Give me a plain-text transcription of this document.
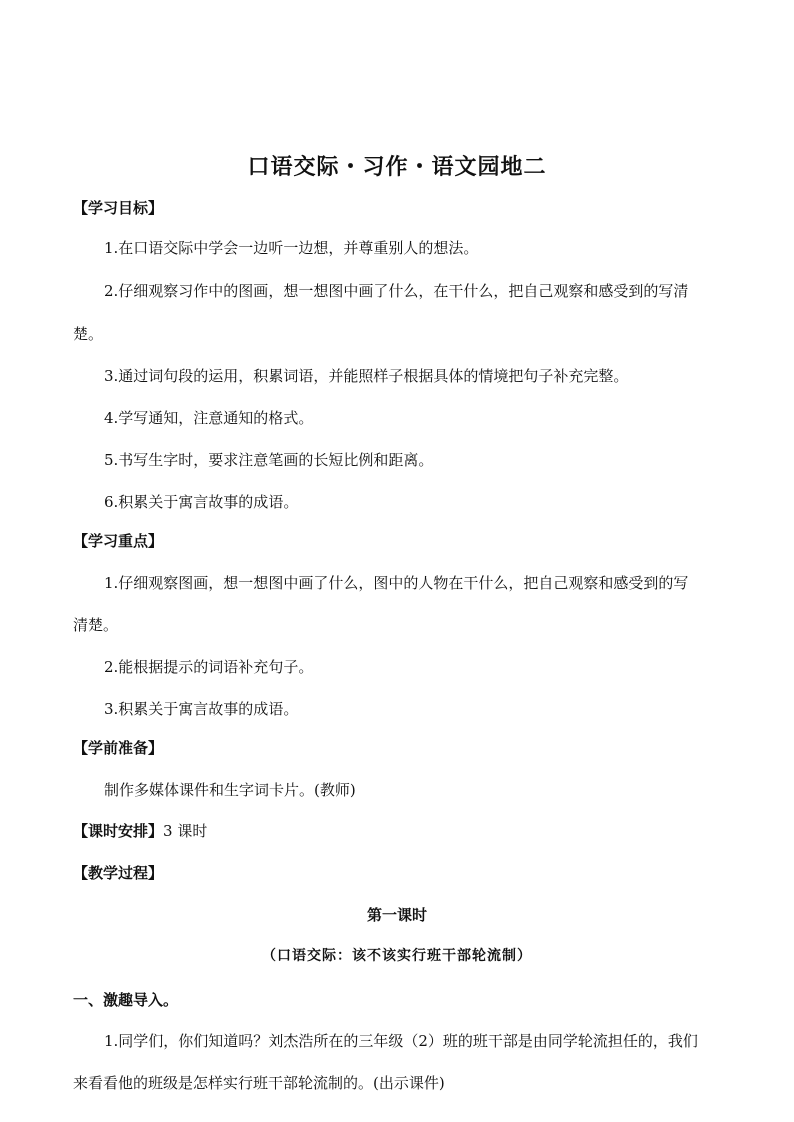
口语交际・习作・语文园地二
【学习目标】
1.在口语交际中学会一边听一边想，并尊重别人的想法。
2.仔细观察习作中的图画，想一想图中画了什么，在干什么，把自己观察和感受到的写清
楚。
3.通过词句段的运用，积累词语，并能照样子根据具体的情境把句子补充完整。
4.学写通知，注意通知的格式。
5.书写生字时，要求注意笔画的长短比例和距离。
6.积累关于寓言故事的成语。
【学习重点】
1.仔细观察图画，想一想图中画了什么，图中的人物在干什么，把自己观察和感受到的写
清楚。
2.能根据提示的词语补充句子。
3.积累关于寓言故事的成语。
【学前准备】
制作多媒体课件和生字词卡片。(教师)
【课时安排】3 课时
【教学过程】
第一课时
（口语交际：该不该实行班干部轮流制）
一、激趣导入。
1.同学们，你们知道吗？刘杰浩所在的三年级（2）班的班干部是由同学轮流担任的，我们
来看看他的班级是怎样实行班干部轮流制的。(出示课件)
